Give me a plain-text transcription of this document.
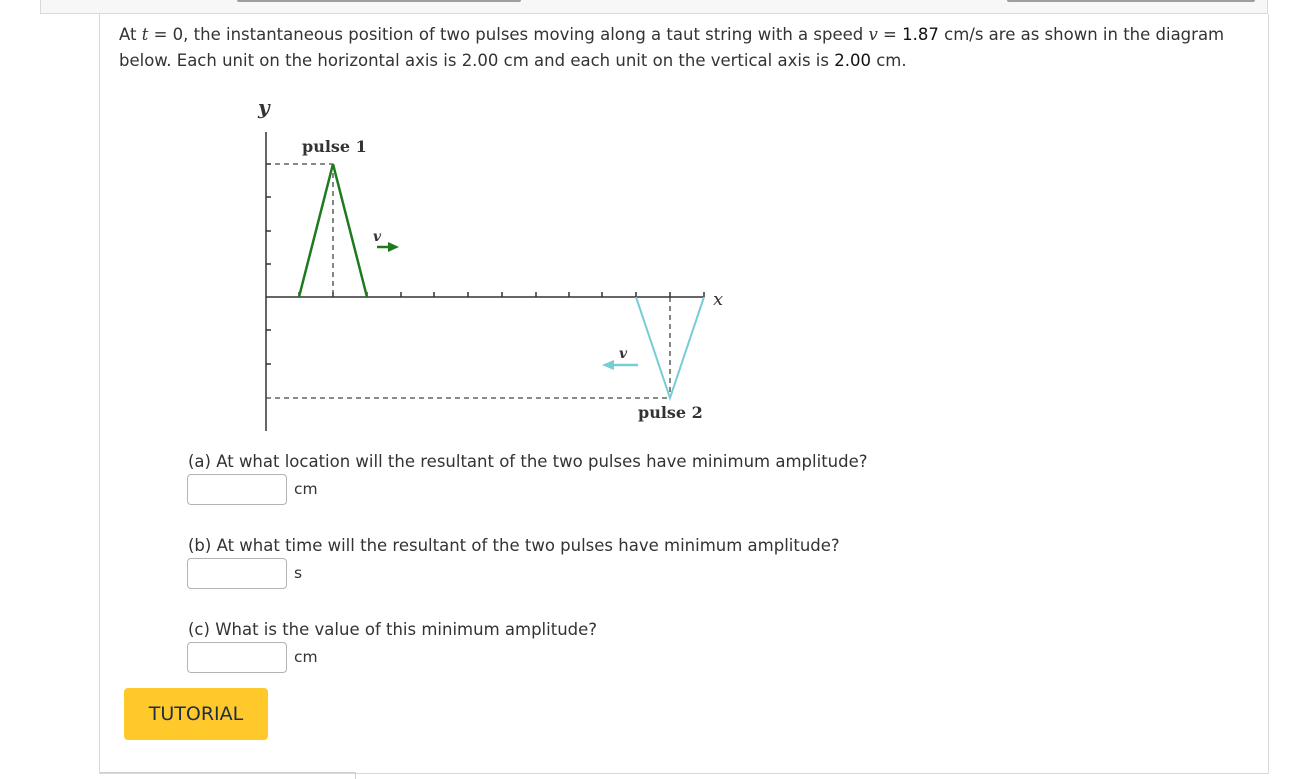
At t = 0, the instantaneous position of two pulses moving along a taut string with a speed v = 1.87 cm/s are as shown in the diagram below. Each unit on the horizontal axis is 2.00 cm and each unit on the vertical axis is 2.00 cm.
v
v
y
x
pulse 1
pulse 2
(a) At what location will the resultant of the two pulses have minimum amplitude?
cm
(b) At what time will the resultant of the two pulses have minimum amplitude?
s
(c) What is the value of this minimum amplitude?
cm
TUTORIAL
